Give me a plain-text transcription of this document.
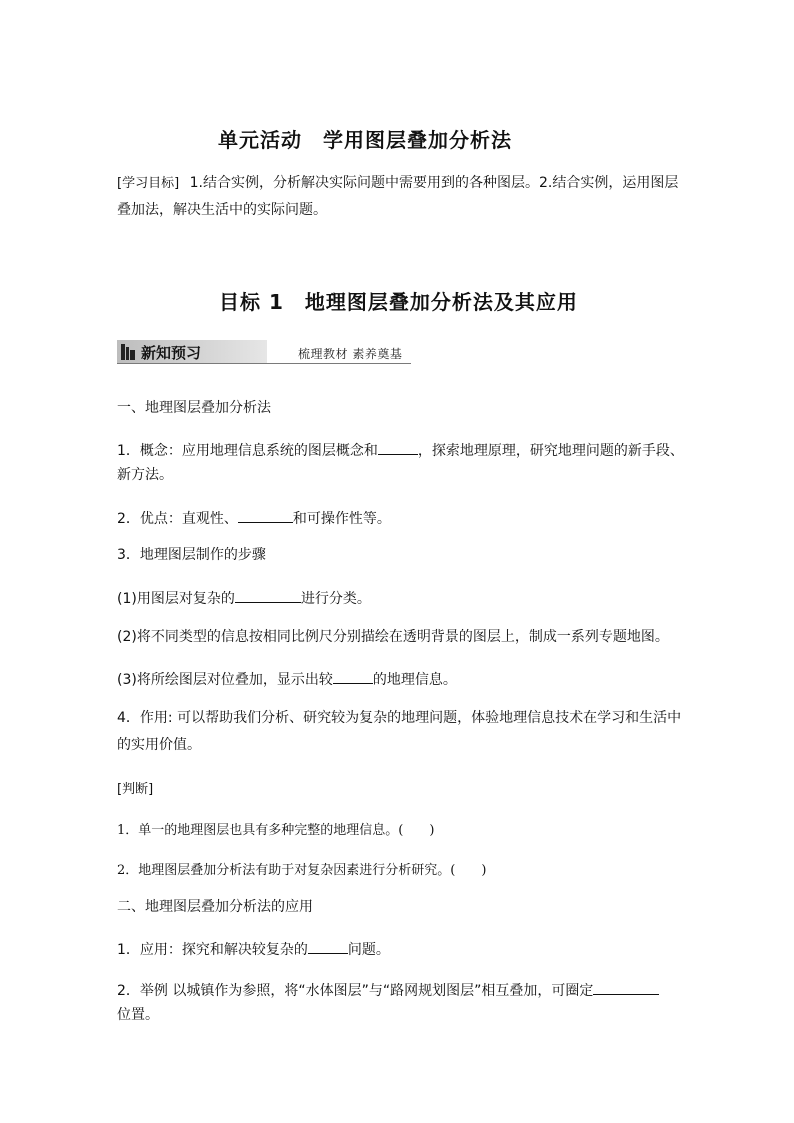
单元活动　学用图层叠加分析法
[学习目标] 1.结合实例，分析解决实际问题中需要用到的各种图层。2.结合实例，运用图层
叠加法，解决生活中的实际问题。
目标 1　地理图层叠加分析法及其应用
新知预习	梳理教材 素养奠基
一、地理图层叠加分析法
1．概念：应用地理信息系统的图层概念和	，探索地理原理，研究地理问题的新手段、
新方法。
2．优点：直观性、	和可操作性等。
3．地理图层制作的步骤
(1)用图层对复杂的	进行分类。
(2)将不同类型的信息按相同比例尺分别描绘在透明背景的图层上，制成一系列专题地图。
(3)将所绘图层对位叠加，显示出较	的地理信息。
4．作用: 可以帮助我们分析、研究较为复杂的地理问题，体验地理信息技术在学习和生活中
的实用价值。
[判断]
1．单一的地理图层也具有多种完整的地理信息。(　　)
2．地理图层叠加分析法有助于对复杂因素进行分析研究。(　　)
二、地理图层叠加分析法的应用
1．应用：探究和解决较复杂的	问题。
2．举例 以城镇作为参照，将“水体图层”与“路网规划图层”相互叠加，可圈定
位置。
